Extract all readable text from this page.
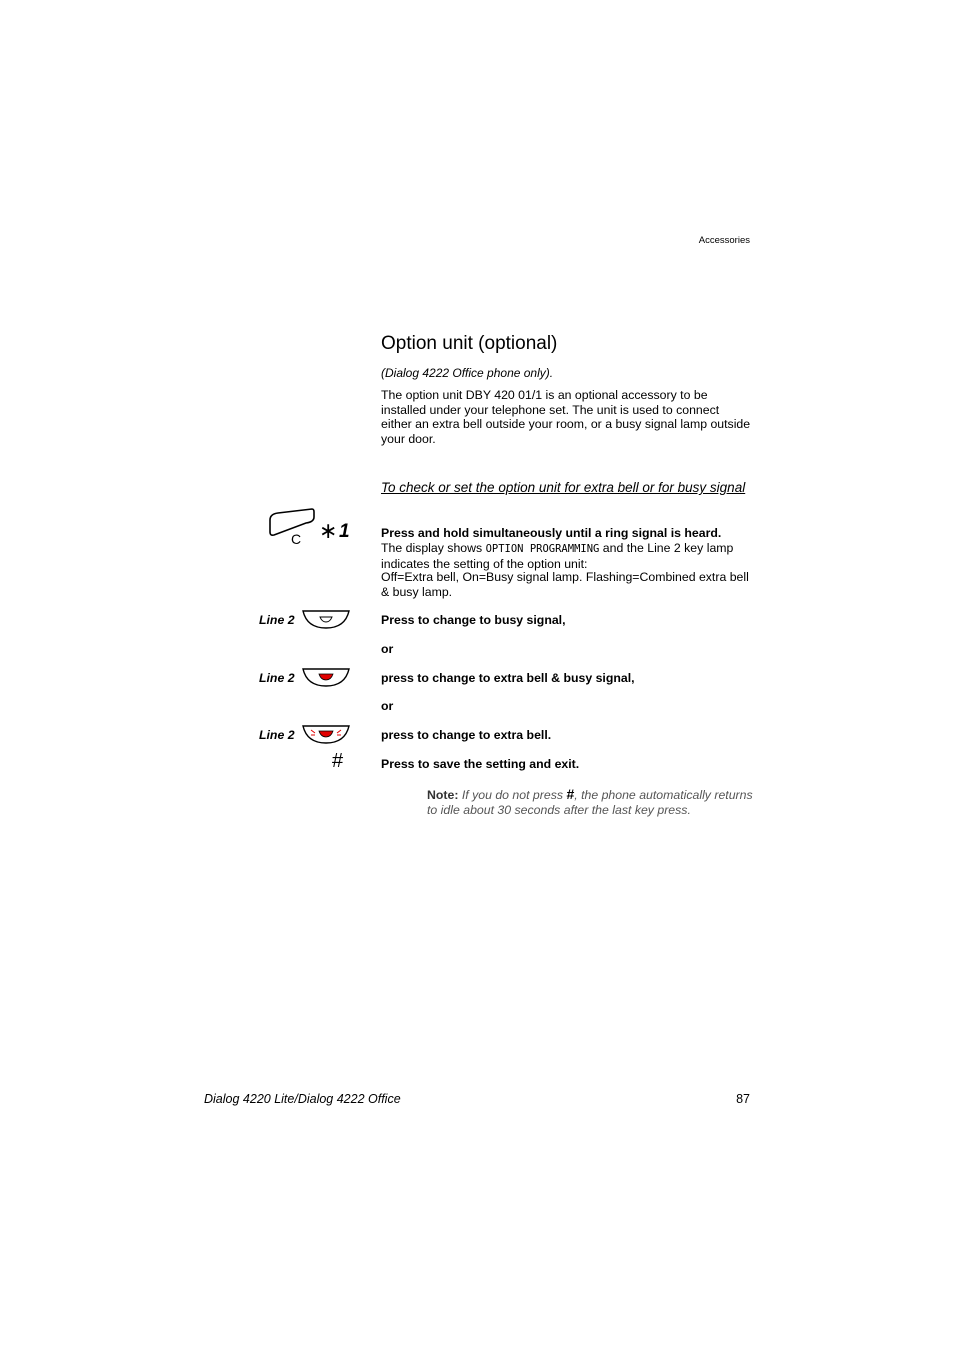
Accessories
Option unit (optional)
(Dialog 4222 Office phone only).
The option unit DBY 420 01/1 is an optional accessory to be installed under your telephone set. The unit is used to connect either an extra bell outside your room, or a busy signal lamp outside your door.
To check or set the option unit for extra bell or for busy signal
C ∗ 1	Press and hold simultaneously until a ring signal is heard.
The display shows OPTION PROGRAMMING and the Line 2 key lamp indicates the setting of the option unit:
Off=Extra bell, On=Busy signal lamp. Flashing=Combined extra bell & busy lamp.
Line 2	Press to change to busy signal,
or
Line 2	press to change to extra bell & busy signal,
or
Line 2	press to change to extra bell.
#	Press to save the setting and exit.
Note: If you do not press #, the phone automatically returns to idle about 30 seconds after the last key press.
Dialog 4220 Lite/Dialog 4222 Office	87
